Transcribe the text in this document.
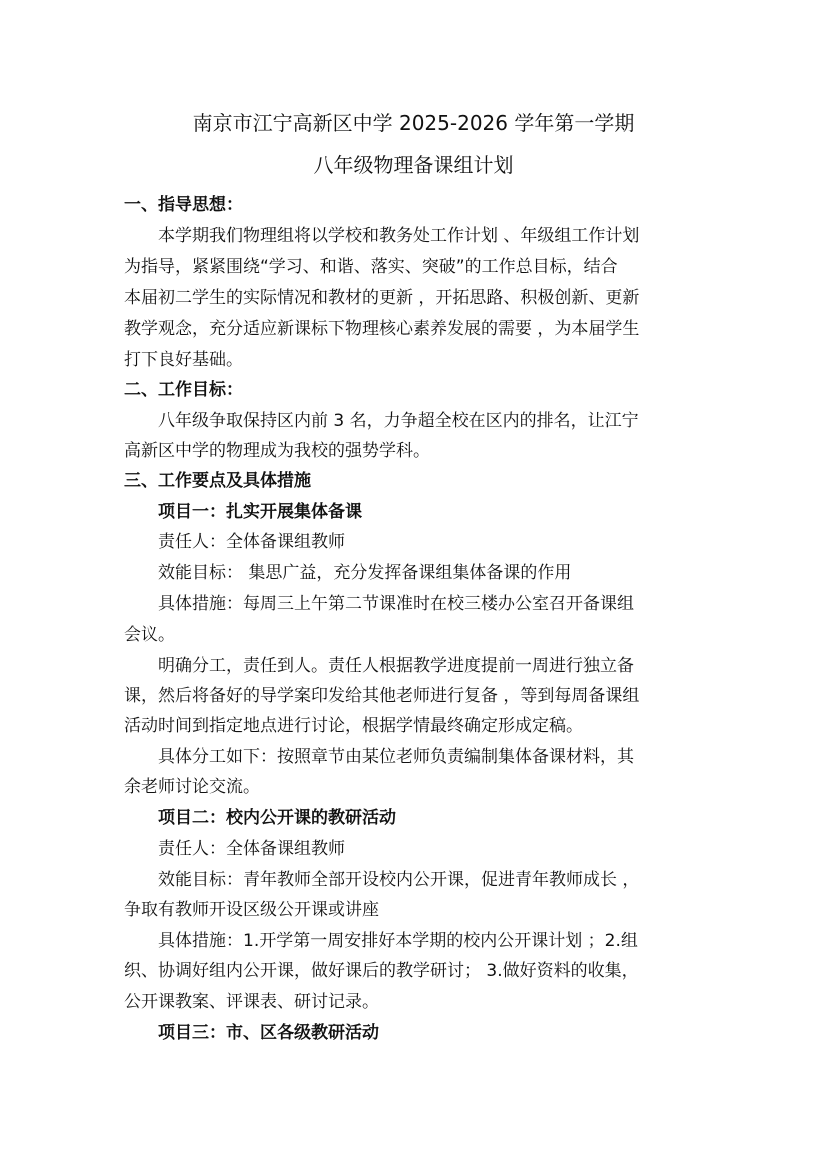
南京市江宁高新区中学 2025-2026 学年第一学期
八年级物理备课组计划
一、指导思想：
本学期我们物理组将以学校和教务处工作计划 、年级组工作计划
为指导，紧紧围绕“学习、和谐、落实、突破”的工作总目标，结合
本届初二学生的实际情况和教材的更新 ，开拓思路、积极创新、更新
教学观念，充分适应新课标下物理核心素养发展的需要 ，为本届学生
打下良好基础。
二、工作目标：
八年级争取保持区内前 3 名，力争超全校在区内的排名，让江宁
高新区中学的物理成为我校的强势学科。
三、工作要点及具体措施
项目一：扎实开展集体备课
责任人：全体备课组教师
效能目标： 集思广益，充分发挥备课组集体备课的作用
具体措施：每周三上午第二节课准时在校三楼办公室召开备课组
会议。
明确分工，责任到人。责任人根据教学进度提前一周进行独立备
课，然后将备好的导学案印发给其他老师进行复备 ，等到每周备课组
活动时间到指定地点进行讨论，根据学情最终确定形成定稿。
具体分工如下：按照章节由某位老师负责编制集体备课材料，其
余老师讨论交流。
项目二：校内公开课的教研活动
责任人：全体备课组教师
效能目标：青年教师全部开设校内公开课，促进青年教师成长 ，
争取有教师开设区级公开课或讲座
具体措施：1.开学第一周安排好本学期的校内公开课计划 ；2.组
织、协调好组内公开课，做好课后的教学研讨； 3.做好资料的收集，
公开课教案、评课表、研讨记录。
项目三：市、区各级教研活动
